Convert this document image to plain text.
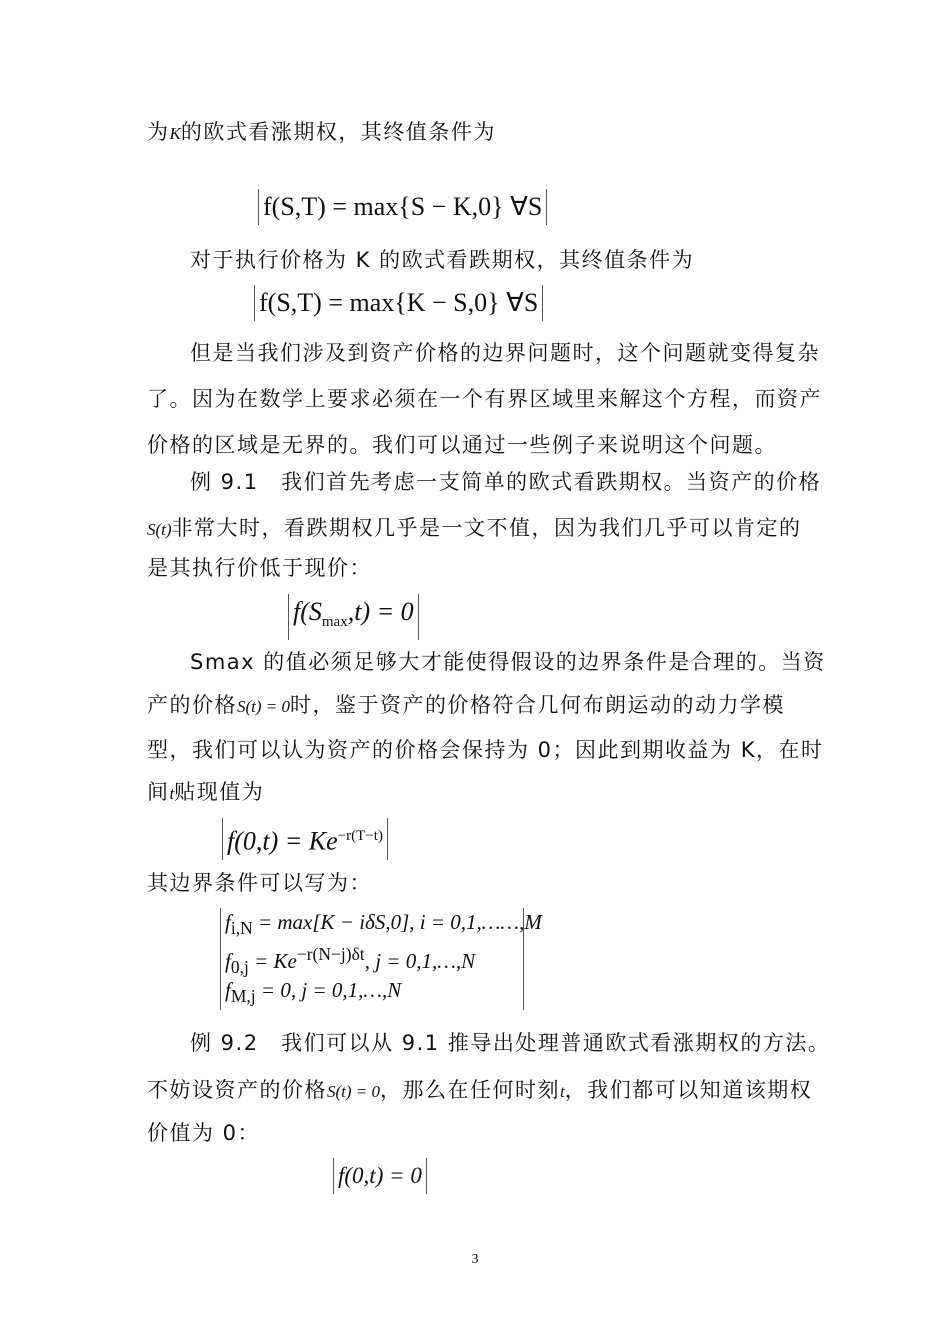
为K的欧式看涨期权，其终值条件为
f(S,T) = max{S − K,0} ∀S
对于执行价格为 K 的欧式看跌期权，其终值条件为
f(S,T) = max{K − S,0} ∀S
但是当我们涉及到资产价格的边界问题时，这个问题就变得复杂
了。因为在数学上要求必须在一个有界区域里来解这个方程，而资产
价格的区域是无界的。我们可以通过一些例子来说明这个问题。
例 9.1　我们首先考虑一支简单的欧式看跌期权。当资产的价格
S(t)非常大时，看跌期权几乎是一文不值，因为我们几乎可以肯定的
是其执行价低于现价：
$f(S_{max},t) = 0$
Smax 的值必须足够大才能使得假设的边界条件是合理的。当资
产的价格S(t) = 0时，鉴于资产的价格符合几何布朗运动的动力学模
型，我们可以认为资产的价格会保持为 0；因此到期收益为 K，在时
间t贴现值为
$f(0,t) = Ke^{-r(T-t)}$
其边界条件可以写为：
$f_{i,N} = \max[K - i\delta S,0]$, i = 0,1,……,M
$f_{0,j} = Ke^{-r(N-j)\delta t}$, j = 0,1,…,N
$f_{M,j} = 0$, j = 0,1,…,N
例 9.2　我们可以从 9.1 推导出处理普通欧式看涨期权的方法。
不妨设资产的价格S(t) = 0，那么在任何时刻t，我们都可以知道该期权
价值为 0：
f(0,t) = 0
3
